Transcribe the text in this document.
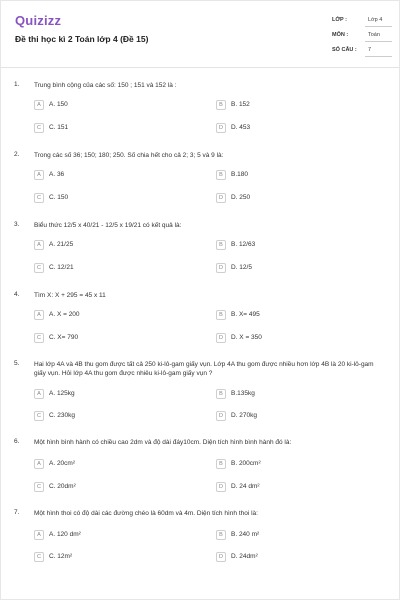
Quizizz
Đề thi học kì 2 Toán lớp 4 (Đề 15)
LỚP :	Lớp 4
MÔN :	Toán
SỐ CÂU : 7
1. Trung bình cộng của các số: 150 ; 151 và 152 là :
A	A. 150	B	B. 152
C	C. 151	D	D. 453
2. Trong các số 36; 150; 180; 250. Số chia hết cho cả 2; 3; 5 và 9 là:
A	A. 36	B	B.180
C	C. 150	D	D. 250
3. Biểu thức 12/5 x 40/21 - 12/5 x 19/21 có kết quả là:
A	A. 21/25	B	B. 12/63
C	C. 12/21	D	D. 12/5
4. Tìm X: X + 295 = 45 x 11
A	A. X = 200	B	B. X= 495
C	C. X= 790	D	D. X = 350
5. Hai lớp 4A và 4B thu gom được tất cả 250 ki-lô-gam giấy vụn. Lớp 4A thu gom được nhiều hơn lớp 4B là 20 ki-lô-gam giấy vụn. Hỏi lớp 4A thu gom được nhiêu ki-lô-gam giấy vụn ?
A	A. 125kg	B	B.135kg
C	C. 230kg	D	D. 270kg
6. Một hình bình hành có chiều cao 2dm và độ dài đáy10cm. Diện tích hình bình hành đó là:
A	A. 20cm²	B	B. 200cm²
C	C. 20dm²	D	D. 24 dm²
7. Một hình thoi có độ dài các đường chéo là 60dm và 4m. Diện tích hình thoi là:
A	A. 120 dm²	B	B. 240 m²
C	C. 12m²	D	D. 24dm²
